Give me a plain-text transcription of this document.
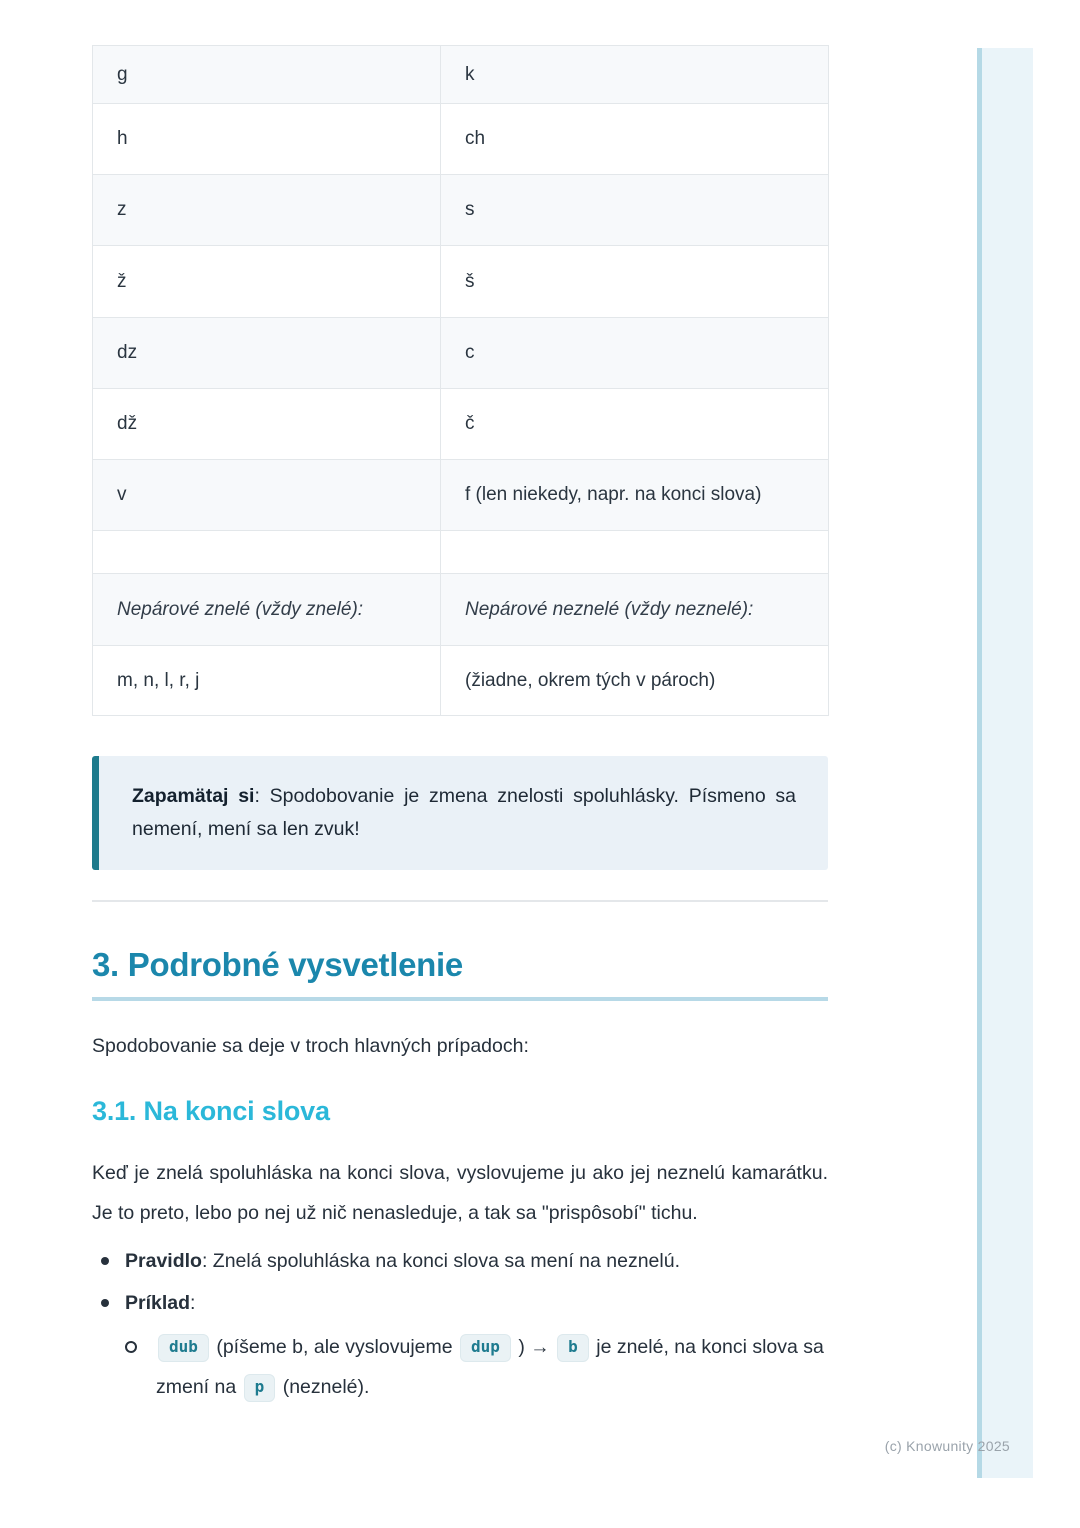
(c) Knowunity 2025
g	k
h	ch
z	s
ž	š
dz	c
dž	č
v	f (len niekedy, napr. na konci slova)

Nepárové znelé (vždy znelé):	Nepárové neznelé (vždy neznelé):
m, n, l, r, j	(žiadne, okrem tých v pároch)
Zapamätaj si: Spodobovanie je zmena znelosti spoluhlásky. Písmeno sa nemení, mení sa len zvuk!
3. Podrobné vysvetlenie

Spodobovanie sa deje v troch hlavných prípadoch:

3.1. Na konci slova

Keď je znelá spoluhláska na konci slova, vyslovujeme ju ako jej neznelú kamarátku. Je to preto, lebo po nej už nič nenasleduje, a tak sa "prispôsobí" tichu.

Pravidlo: Znelá spoluhláska na konci slova sa mení na neznelú.
Príklad:
dub (píšeme b, ale vyslovujeme dup ) → b je znelé, na konci slova sa zmení na p (neznelé).
